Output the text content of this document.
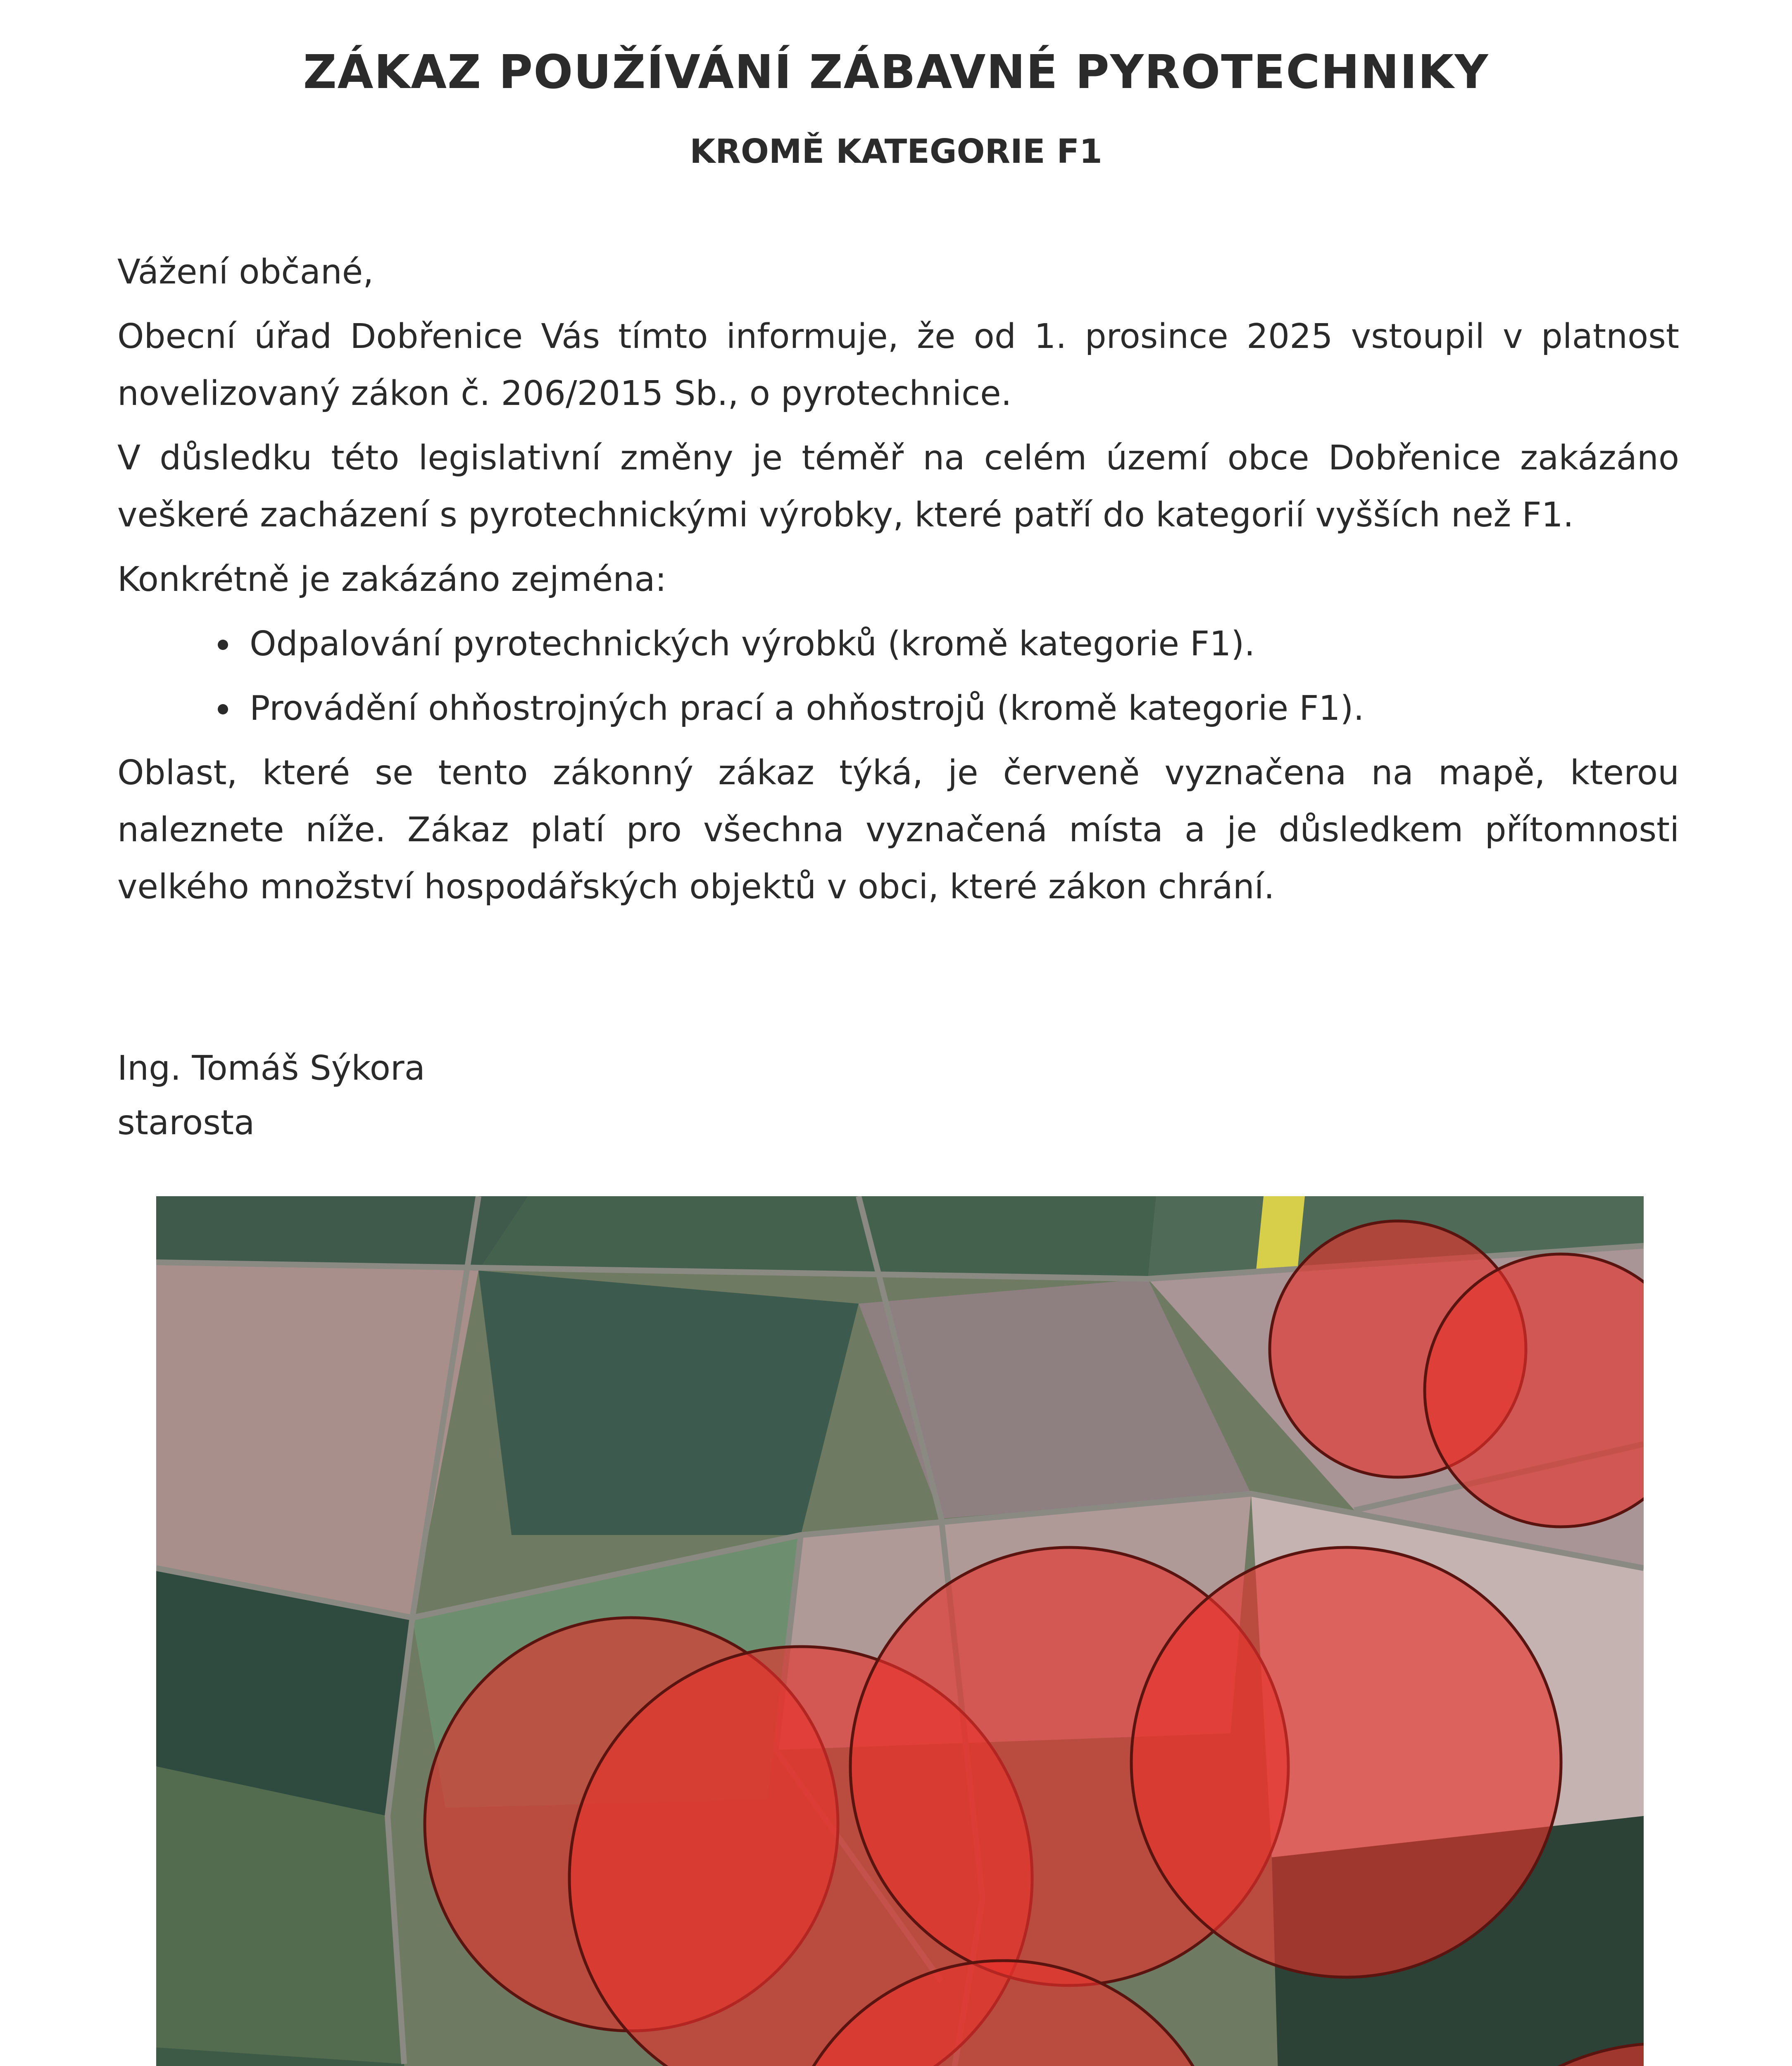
ZÁKAZ POUŽÍVÁNÍ ZÁBAVNÉ PYROTECHNIKY
KROMĚ KATEGORIE F1

Vážení občané,

Obecní úřad Dobřenice Vás tímto informuje, že od 1. prosince 2025 vstoupil v platnost novelizovaný zákon č. 206/2015 Sb., o pyrotechnice.

V důsledku této legislativní změny je téměř na celém území obce Dobřenice zakázáno veškeré zacházení s pyrotechnickými výrobky, které patří do kategorií vyšších než F1.

Konkrétně je zakázáno zejména:

• Odpalování pyrotechnických výrobků (kromě kategorie F1).
• Provádění ohňostrojných prací a ohňostrojů (kromě kategorie F1).

Oblast, které se tento zákonný zákaz týká, je červeně vyznačena na mapě, kterou naleznete níže. Zákaz platí pro všechna vyznačená místa a je důsledkem přítomnosti velkého množství hospodářských objektů v obci, které zákon chrání.

Ing. Tomáš Sýkora
starosta
